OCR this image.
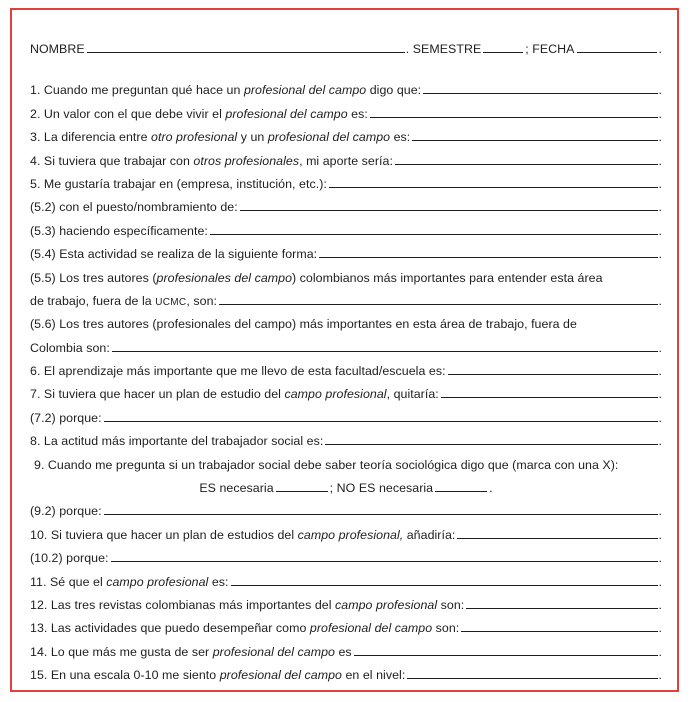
NOMBRE	. SEMESTRE	; FECHA	.
1. Cuando me preguntan qué hace un profesional del campo digo que:	.
2. Un valor con el que debe vivir el profesional del campo es:	.
3. La diferencia entre otro profesional y un profesional del campo es:	.
4. Si tuviera que trabajar con otros profesionales, mi aporte sería:	.
5. Me gustaría trabajar en (empresa, institución, etc.):	.
(5.2) con el puesto/nombramiento de:	.
(5.3) haciendo específicamente:	.
(5.4) Esta actividad se realiza de la siguiente forma:	.
(5.5) Los tres autores (profesionales del campo) colombianos más importantes para entender esta área
de trabajo, fuera de la UCMC, son:	.
(5.6) Los tres autores (profesionales del campo) más importantes en esta área de trabajo, fuera de
Colombia son:	.
6. El aprendizaje más importante que me llevo de esta facultad/escuela es:	.
7. Si tuviera que hacer un plan de estudio del campo profesional, quitaría:	.
(7.2) porque:	.
8. La actitud más importante del trabajador social es:	.
9. Cuando me pregunta si un trabajador social debe saber teoría sociológica digo que (marca con una X):
ES necesaria	; NO ES necesaria	.
(9.2) porque:	.
10. Si tuviera que hacer un plan de estudios del campo profesional, añadiría:	.
(10.2) porque:	.
11. Sé que el campo profesional es:	.
12. Las tres revistas colombianas más importantes del campo profesional son:	.
13. Las actividades que puedo desempeñar como profesional del campo son:	.
14. Lo que más me gusta de ser profesional del campo es	.
15. En una escala 0-10 me siento profesional del campo en el nivel:	.
